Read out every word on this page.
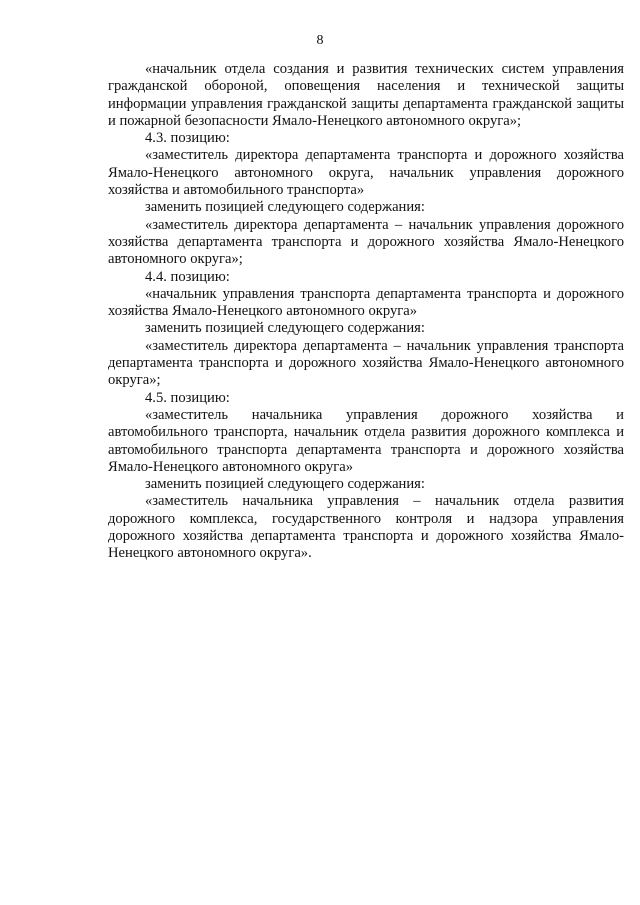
8

«начальник отдела создания и развития технических систем управления гражданской обороной, оповещения населения и технической защиты информации управления гражданской защиты департамента гражданской защиты и пожарной безопасности Ямало-Ненецкого автономного округа»;

4.3. позицию:

«заместитель директора департамента транспорта и дорожного хозяйства Ямало-Ненецкого автономного округа, начальник управления дорожного хозяйства и автомобильного транспорта»

заменить позицией следующего содержания:

«заместитель директора департамента – начальник управления дорожного хозяйства департамента транспорта и дорожного хозяйства Ямало-Ненецкого автономного округа»;

4.4. позицию:

«начальник управления транспорта департамента транспорта и дорожного хозяйства Ямало-Ненецкого автономного округа»

заменить позицией следующего содержания:

«заместитель директора департамента – начальник управления транспорта департамента транспорта и дорожного хозяйства Ямало-Ненецкого автономного округа»;

4.5. позицию:

«заместитель начальника управления дорожного хозяйства и автомобильного транспорта, начальник отдела развития дорожного комплекса и автомобильного транспорта департамента транспорта и дорожного хозяйства Ямало-Ненецкого автономного округа»

заменить позицией следующего содержания:

«заместитель начальника управления – начальник отдела развития дорожного комплекса, государственного контроля и надзора управления дорожного хозяйства департамента транспорта и дорожного хозяйства Ямало-Ненецкого автономного округа».
